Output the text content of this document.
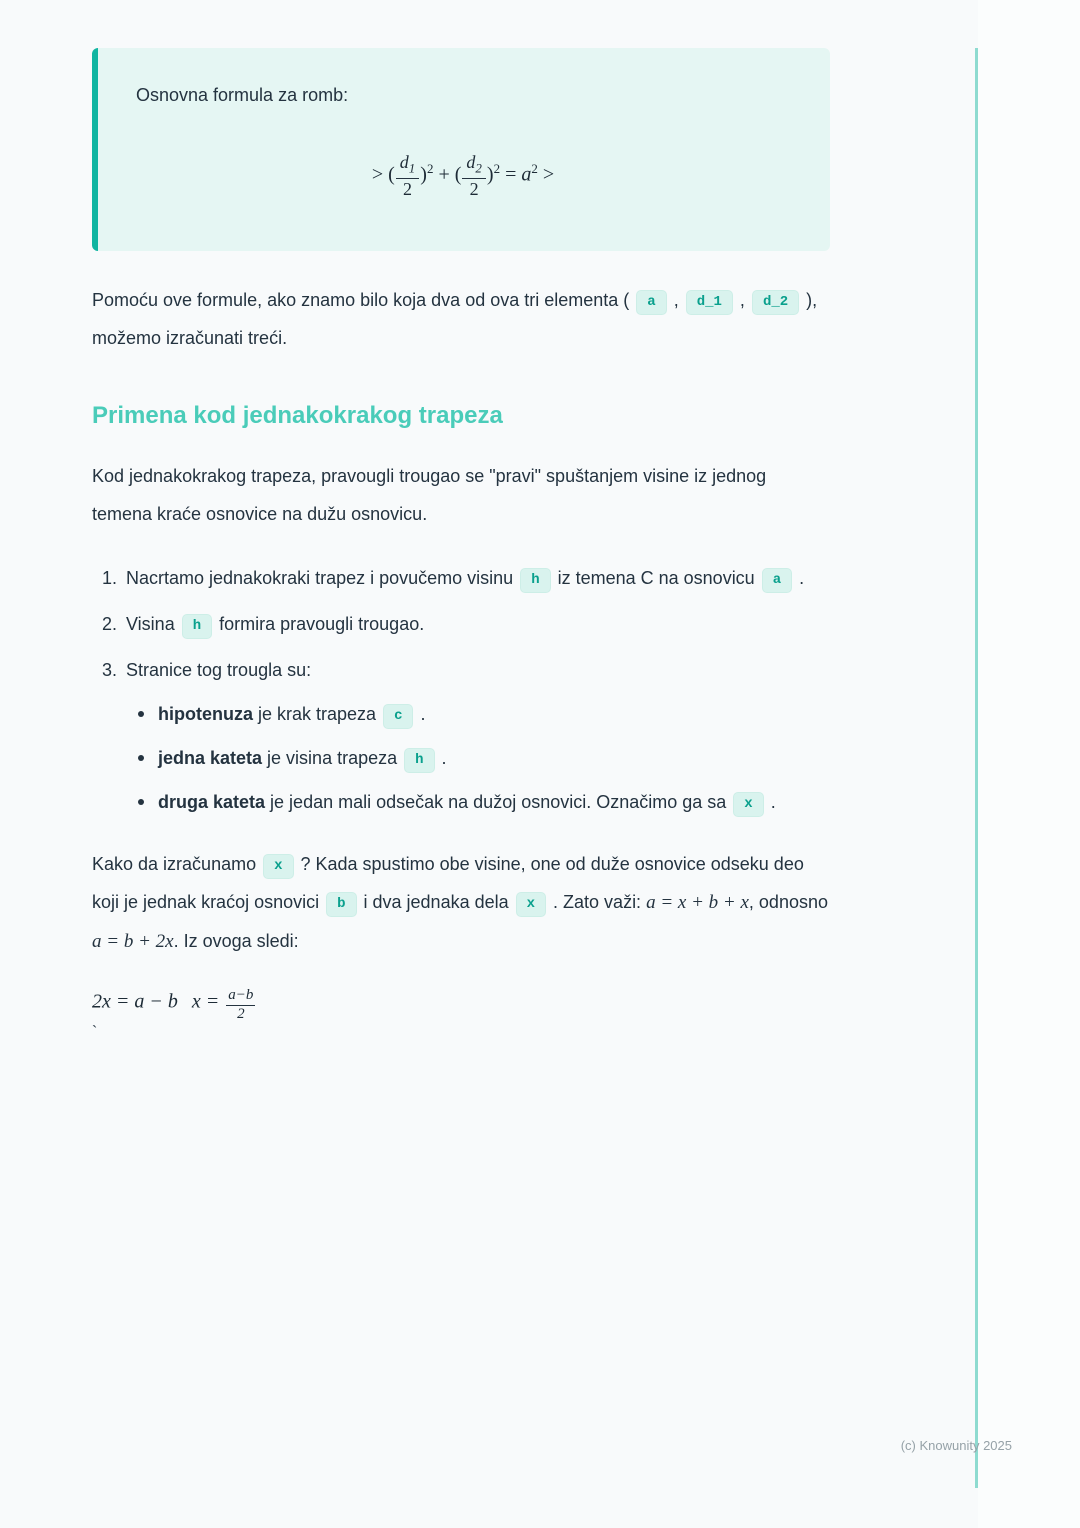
Osnovna formula za romb:
> ( $\frac{d_1}{2} )^2$ + ( $\frac{d_2}{2} )^2 = a^2$ >

Pomoću ove formule, ako znamo bilo koja dva od ova tri elementa ( a , d_1 , d_2 ), možemo izračunati treći.

Primena kod jednakokrakog trapeza

Kod jednakokrakog trapeza, pravougli trougao se "pravi" spuštanjem visine iz jednog temena kraće osnovice na dužu osnovicu.

1. Nacrtamo jednakokraki trapez i povučemo visinu h iz temena C na osnovicu a .
2. Visina h formira pravougli trougao.
3. Stranice tog trougla su:
hipotenuza je krak trapeza c .
jedna kateta je visina trapeza h .
druga kateta je jedan mali odsečak na dužoj osnovici. Označimo ga sa x .

Kako da izračunamo x ? Kada spustimo obe visine, one od duže osnovice odseku deo koji je jednak kraćoj osnovici b i dva jednaka dela x . Zato važi: a = x + b + x, odnosno a = b + 2x. Iz ovoga sledi:

2x = a − b $x = \frac{a-b}{2}$
`
(c) Knowunity 2025
